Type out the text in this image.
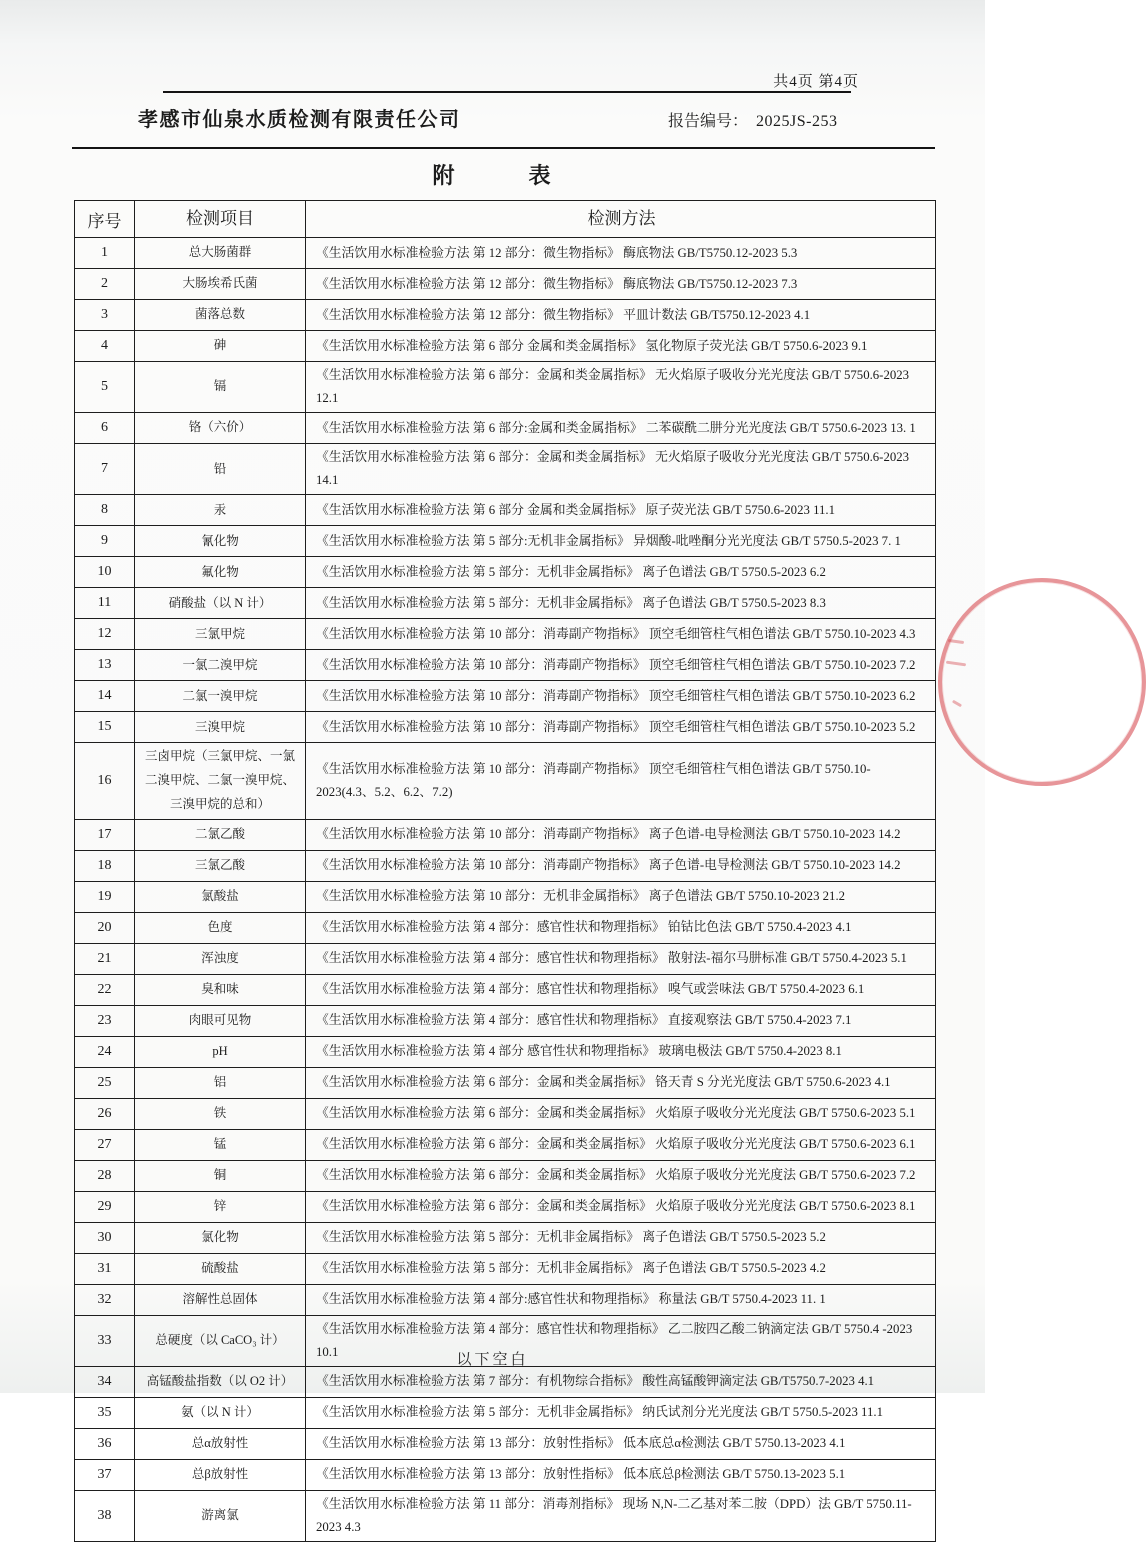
共4页 第4页
孝感市仙泉水质检测有限责任公司	报告编号： 2025JS-253
附　　　表
序号	检测项目	检测方法
1	总大肠菌群	《生活饮用水标准检验方法 第 12 部分：微生物指标》 酶底物法 GB/T5750.12-2023 5.3
2	大肠埃希氏菌	《生活饮用水标准检验方法 第 12 部分：微生物指标》 酶底物法 GB/T5750.12-2023 7.3
3	菌落总数	《生活饮用水标准检验方法 第 12 部分：微生物指标》 平皿计数法 GB/T5750.12-2023 4.1
4	砷	《生活饮用水标准检验方法 第 6 部分 金属和类金属指标》 氢化物原子荧光法 GB/T 5750.6-2023 9.1
5	镉	《生活饮用水标准检验方法 第 6 部分：金属和类金属指标》 无火焰原子吸收分光光度法 GB/T 5750.6-2023 12.1
6	铬（六价）	《生活饮用水标准检验方法 第 6 部分:金属和类金属指标》 二苯碳酰二肼分光光度法 GB/T 5750.6-2023 13. 1
7	铅	《生活饮用水标准检验方法 第 6 部分：金属和类金属指标》 无火焰原子吸收分光光度法 GB/T 5750.6-2023 14.1
8	汞	《生活饮用水标准检验方法 第 6 部分 金属和类金属指标》 原子荧光法 GB/T 5750.6-2023 11.1
9	氰化物	《生活饮用水标准检验方法 第 5 部分:无机非金属指标》 异烟酸-吡唑酮分光光度法 GB/T 5750.5-2023 7. 1
10	氟化物	《生活饮用水标准检验方法 第 5 部分：无机非金属指标》 离子色谱法 GB/T 5750.5-2023 6.2
11	硝酸盐（以 N 计）	《生活饮用水标准检验方法 第 5 部分：无机非金属指标》 离子色谱法 GB/T 5750.5-2023 8.3
12	三氯甲烷	《生活饮用水标准检验方法 第 10 部分：消毒副产物指标》 顶空毛细管柱气相色谱法 GB/T 5750.10-2023 4.3
13	一氯二溴甲烷	《生活饮用水标准检验方法 第 10 部分：消毒副产物指标》 顶空毛细管柱气相色谱法 GB/T 5750.10-2023 7.2
14	二氯一溴甲烷	《生活饮用水标准检验方法 第 10 部分：消毒副产物指标》 顶空毛细管柱气相色谱法 GB/T 5750.10-2023 6.2
15	三溴甲烷	《生活饮用水标准检验方法 第 10 部分：消毒副产物指标》 顶空毛细管柱气相色谱法 GB/T 5750.10-2023 5.2
16	三卤甲烷（三氯甲烷、一氯二溴甲烷、二氯一溴甲烷、三溴甲烷的总和）	《生活饮用水标准检验方法 第 10 部分：消毒副产物指标》 顶空毛细管柱气相色谱法 GB/T 5750.10-2023(4.3、5.2、6.2、7.2)
17	二氯乙酸	《生活饮用水标准检验方法 第 10 部分：消毒副产物指标》 离子色谱-电导检测法 GB/T 5750.10-2023 14.2
18	三氯乙酸	《生活饮用水标准检验方法 第 10 部分：消毒副产物指标》 离子色谱-电导检测法 GB/T 5750.10-2023 14.2
19	氯酸盐	《生活饮用水标准检验方法 第 10 部分：无机非金属指标》 离子色谱法 GB/T 5750.10-2023 21.2
20	色度	《生活饮用水标准检验方法 第 4 部分：感官性状和物理指标》 铂钴比色法 GB/T 5750.4-2023 4.1
21	浑浊度	《生活饮用水标准检验方法 第 4 部分：感官性状和物理指标》 散射法-福尔马肼标准 GB/T 5750.4-2023 5.1
22	臭和味	《生活饮用水标准检验方法 第 4 部分：感官性状和物理指标》 嗅气或尝味法 GB/T 5750.4-2023 6.1
23	肉眼可见物	《生活饮用水标准检验方法 第 4 部分：感官性状和物理指标》 直接观察法 GB/T 5750.4-2023 7.1
24	pH	《生活饮用水标准检验方法 第 4 部分 感官性状和物理指标》 玻璃电极法 GB/T 5750.4-2023 8.1
25	铝	《生活饮用水标准检验方法 第 6 部分：金属和类金属指标》 铬天青 S 分光光度法 GB/T 5750.6-2023 4.1
26	铁	《生活饮用水标准检验方法 第 6 部分：金属和类金属指标》 火焰原子吸收分光光度法 GB/T 5750.6-2023 5.1
27	锰	《生活饮用水标准检验方法 第 6 部分：金属和类金属指标》 火焰原子吸收分光光度法 GB/T 5750.6-2023 6.1
28	铜	《生活饮用水标准检验方法 第 6 部分：金属和类金属指标》 火焰原子吸收分光光度法 GB/T 5750.6-2023 7.2
29	锌	《生活饮用水标准检验方法 第 6 部分：金属和类金属指标》 火焰原子吸收分光光度法 GB/T 5750.6-2023 8.1
30	氯化物	《生活饮用水标准检验方法 第 5 部分：无机非金属指标》 离子色谱法 GB/T 5750.5-2023 5.2
31	硫酸盐	《生活饮用水标准检验方法 第 5 部分：无机非金属指标》 离子色谱法 GB/T 5750.5-2023 4.2
32	溶解性总固体	《生活饮用水标准检验方法 第 4 部分:感官性状和物理指标》 称量法 GB/T 5750.4-2023 11. 1
33	总硬度（以 CaCO₃ 计）	《生活饮用水标准检验方法 第 4 部分：感官性状和物理指标》 乙二胺四乙酸二钠滴定法 GB/T 5750.4 -2023 10.1
34	高锰酸盐指数（以 O2 计）	《生活饮用水标准检验方法 第 7 部分：有机物综合指标》 酸性高锰酸钾滴定法 GB/T5750.7-2023 4.1
35	氨（以 N 计）	《生活饮用水标准检验方法 第 5 部分：无机非金属指标》 纳氏试剂分光光度法 GB/T 5750.5-2023 11.1
36	总α放射性	《生活饮用水标准检验方法 第 13 部分：放射性指标》 低本底总α检测法 GB/T 5750.13-2023 4.1
37	总β放射性	《生活饮用水标准检验方法 第 13 部分：放射性指标》 低本底总β检测法 GB/T 5750.13-2023 5.1
38	游离氯	《生活饮用水标准检验方法 第 11 部分：消毒剂指标》 现场 N,N-二乙基对苯二胺（DPD）法 GB/T 5750.11-2023 4.3
以下空白
